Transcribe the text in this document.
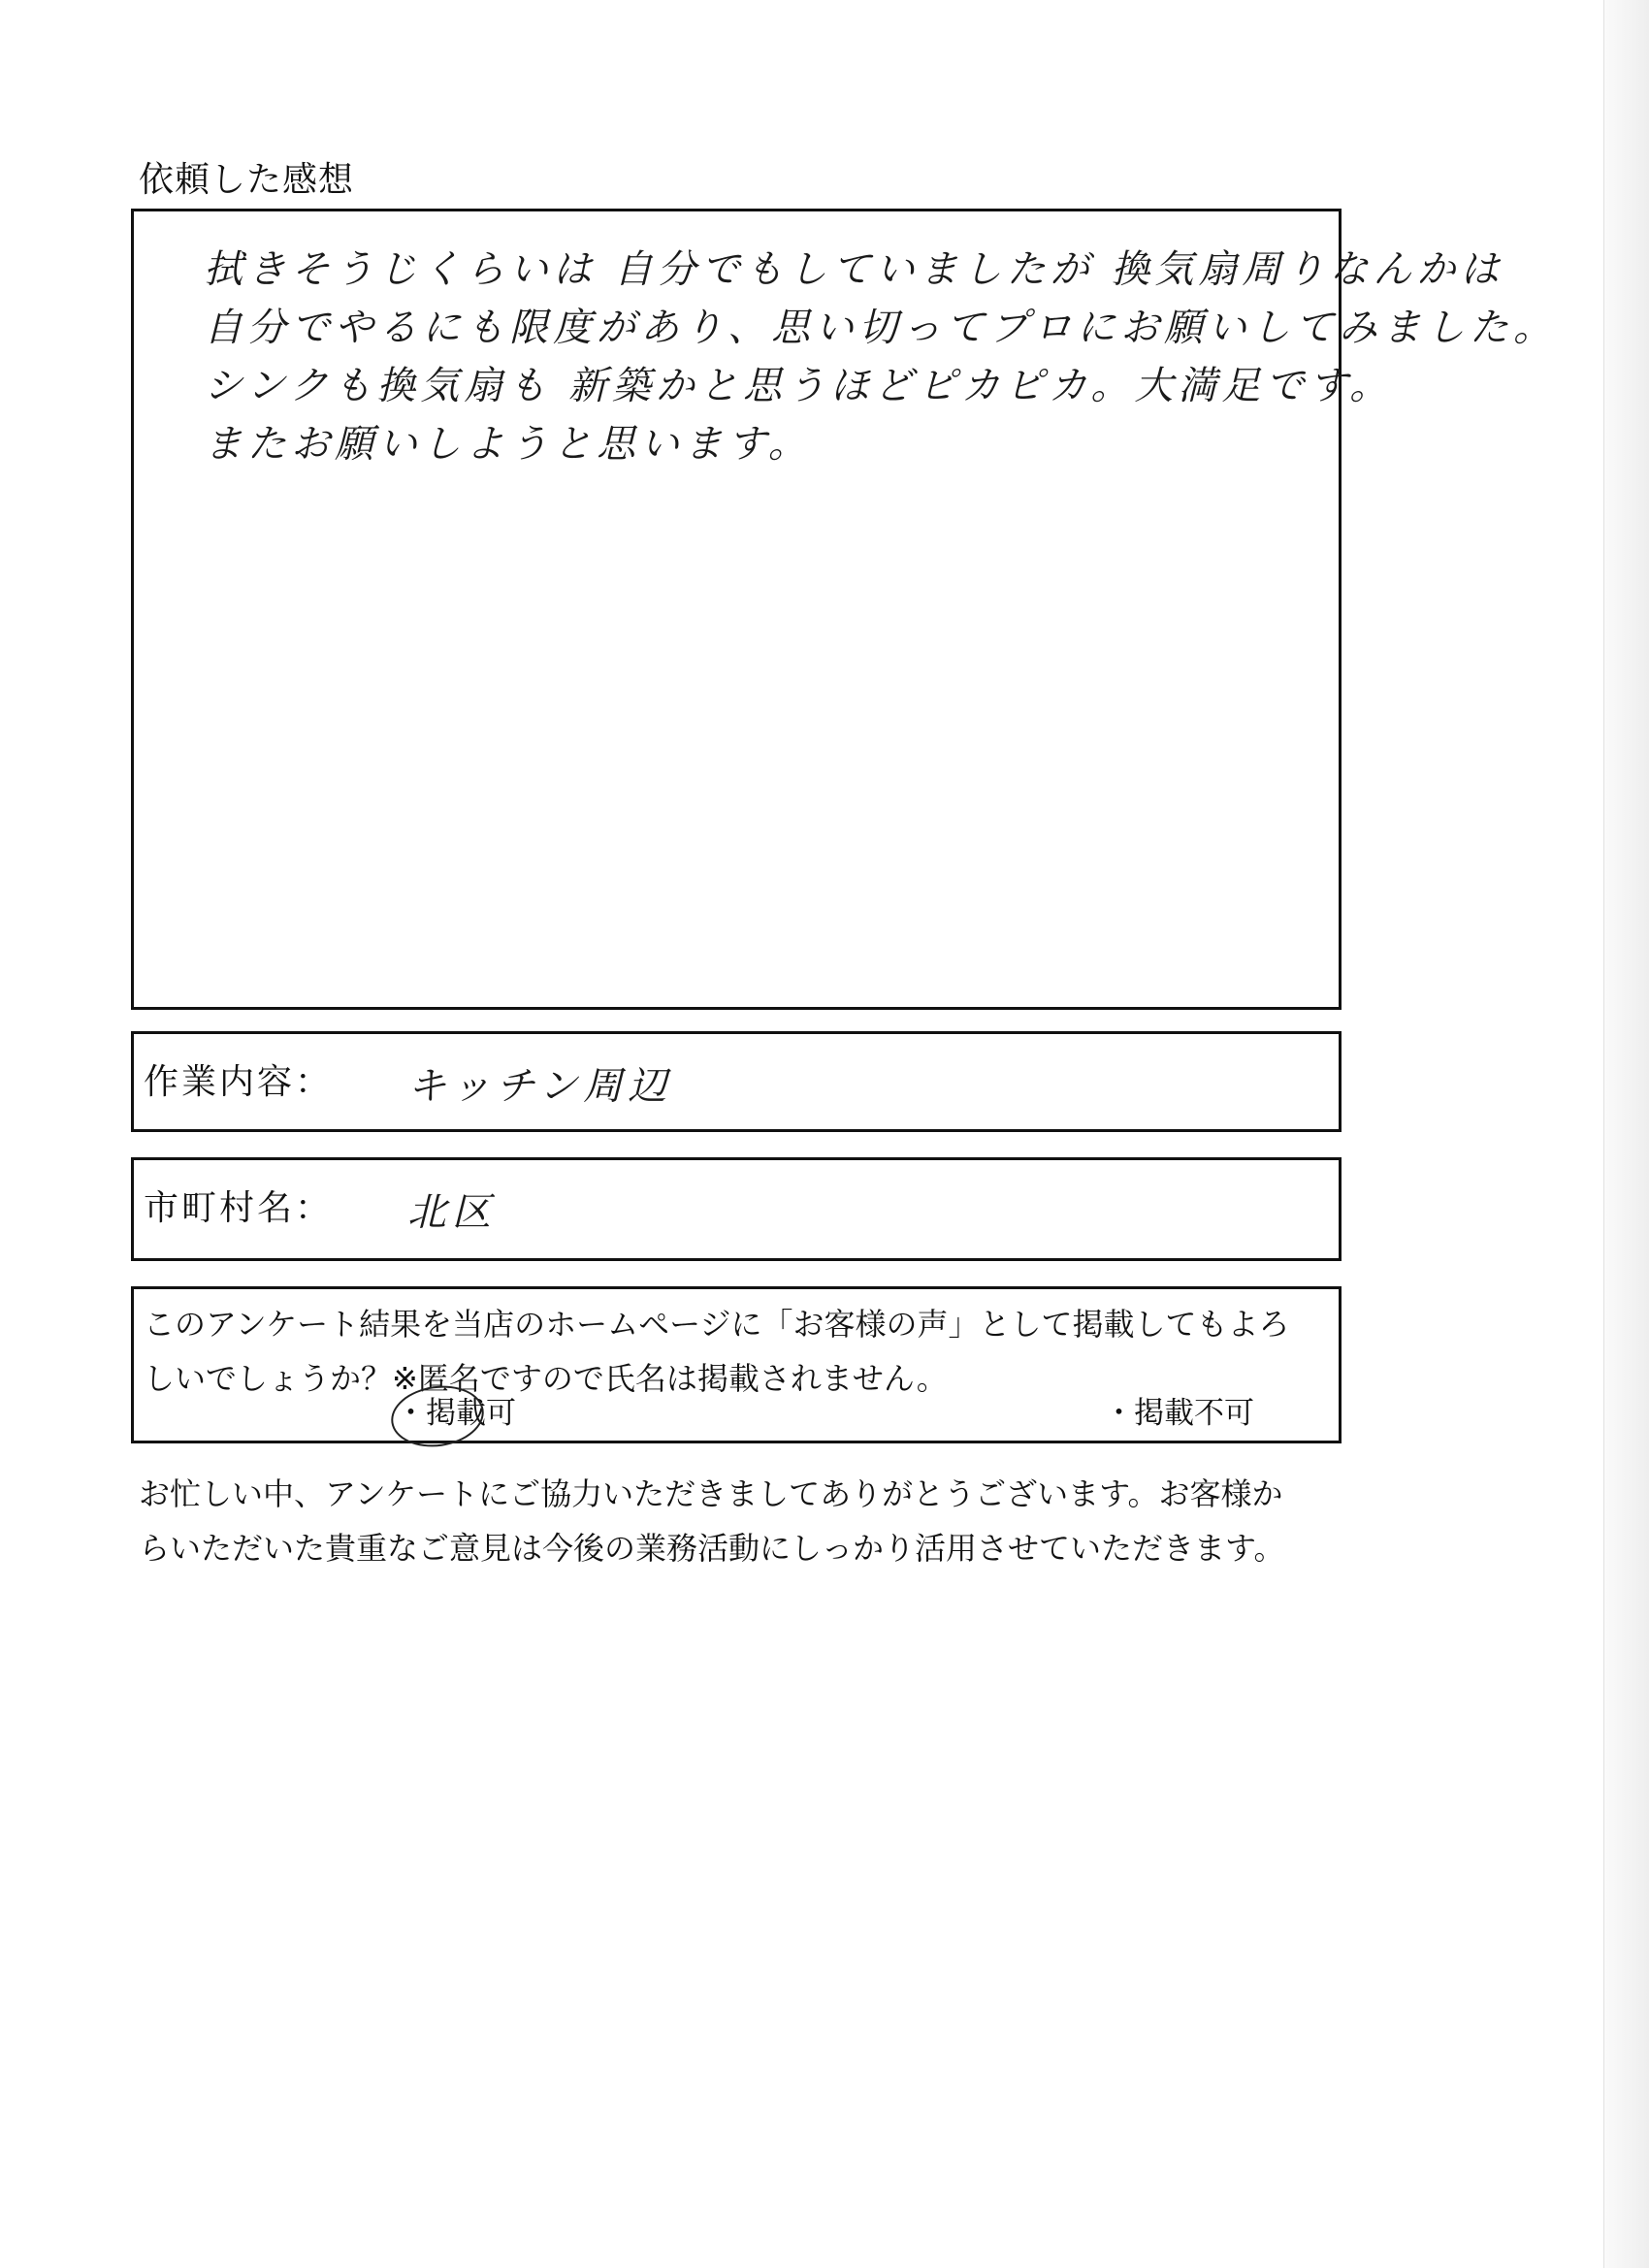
依頼した感想
拭きそうじくらいは 自分でもしていましたが 換気扇周りなんかは
自分でやるにも限度があり、思い切ってプロにお願いしてみました。
シンクも換気扇も 新築かと思うほどピカピカ。大満足です。
またお願いしようと思います。
作業内容： キッチン周辺
市町村名： 北区
このアンケート結果を当店のホームページに「お客様の声」として掲載してもよろ
しいでしょうか？※匿名ですので氏名は掲載されません。
・掲載可	・掲載不可
お忙しい中、アンケートにご協力いただきましてありがとうございます。お客様か
らいただいた貴重なご意見は今後の業務活動にしっかり活用させていただきます。
